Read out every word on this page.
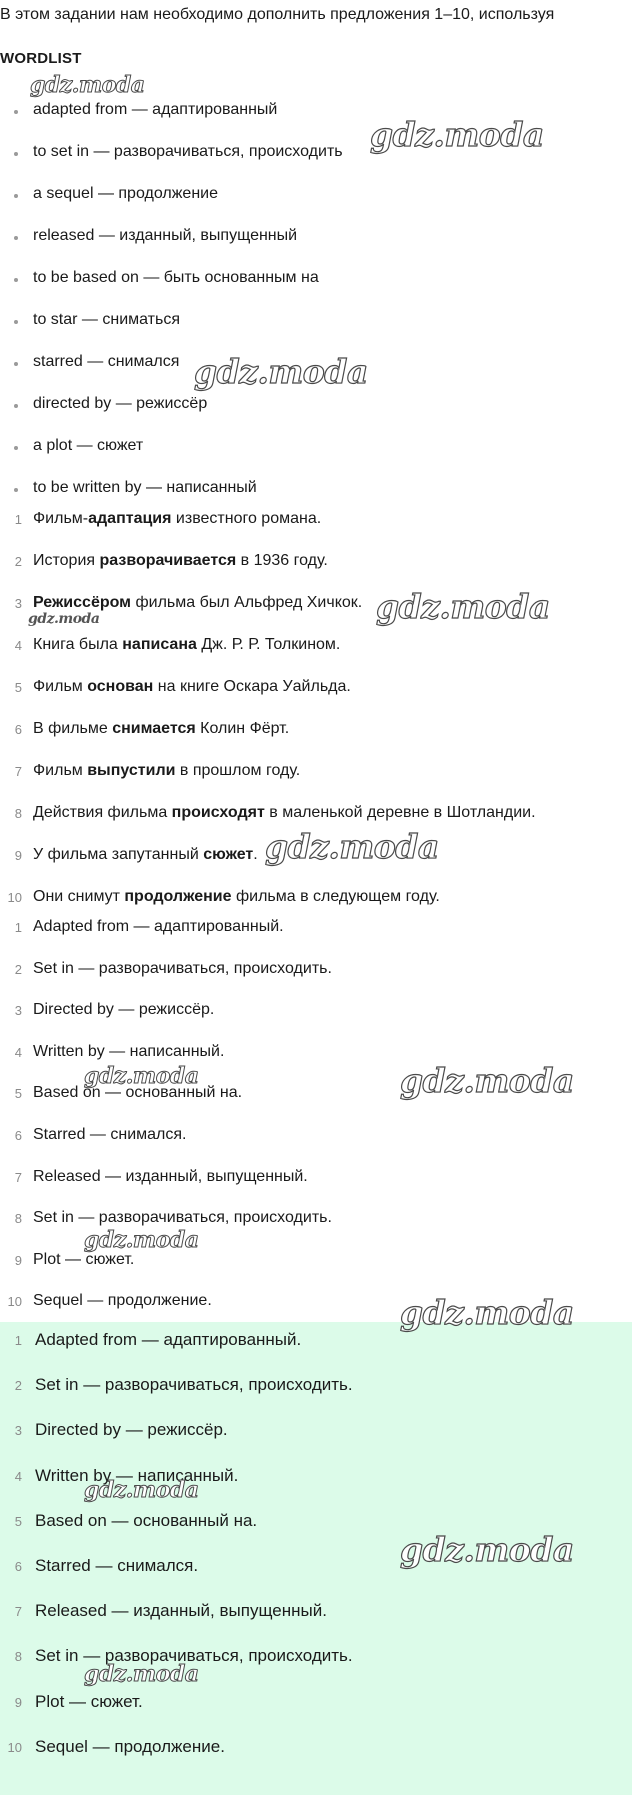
В этом задании нам необходимо дополнить предложения 1–10, используя
WORDLIST
adapted from — адаптированный
to set in — разворачиваться, происходить
a sequel — продолжение
released — изданный, выпущенный
to be based on — быть основанным на
to star — сниматься
starred — снимался
directed by — режиссёр
a plot — сюжет
to be written by — написанный
1 Фильм-адаптация известного романа.
2 История разворачивается в 1936 году.
3 Режиссёром фильма был Альфред Хичкок.
4 Книга была написана Дж. Р. Р. Толкином.
5 Фильм основан на книге Оскара Уайльда.
6 В фильме снимается Колин Фёрт.
7 Фильм выпустили в прошлом году.
8 Действия фильма происходят в маленькой деревне в Шотландии.
9 У фильма запутанный сюжет.
10 Они снимут продолжение фильма в следующем году.
1 Adapted from — адаптированный.
2 Set in — разворачиваться, происходить.
3 Directed by — режиссёр.
4 Written by — написанный.
5 Based on — основанный на.
6 Starred — снимался.
7 Released — изданный, выпущенный.
8 Set in — разворачиваться, происходить.
9 Plot — сюжет.
10 Sequel — продолжение.
1 Adapted from — адаптированный.
2 Set in — разворачиваться, происходить.
3 Directed by — режиссёр.
4 Written by — написанный.
5 Based on — основанный на.
6 Starred — снимался.
7 Released — изданный, выпущенный.
8 Set in — разворачиваться, происходить.
9 Plot — сюжет.
10 Sequel — продолжение.
gdz.moda
gdz.moda
gdz.moda
gdz.moda
gdz.moda
gdz.moda
gdz.moda	gdz.moda
gdz.moda
gdz.moda
gdz.moda
gdz.moda
gdz.moda
